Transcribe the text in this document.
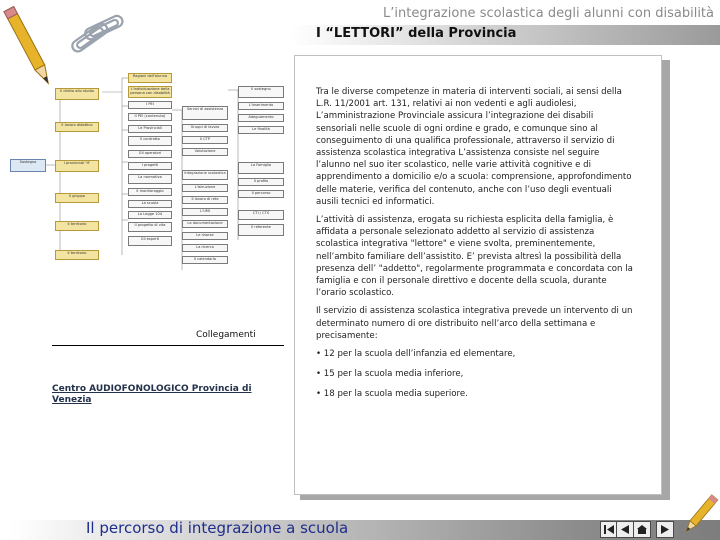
L’integrazione scolastica degli alunni con disabilità
I “LETTORI” della Provincia
Sostegno
Il diritto allo studio
Il lavoro didattico
I provinciali 'H'
Il gruppo
Il territorio
Il territorio
Ragioni dell'alunno
L'individuazione della persona con disabilità
I PEI
Il PEI (contenuto)
Le Provinciali
Il contratto
Gli operatori
I progetti
La normativa
Il monitoraggio
La scuola
La Legge 104
Il progetto di vita
Gli esperti
Servizi di assistenza
Gruppi di lavoro
Il CTP
Valutazione
Integrazione scolastica
L'istruzione
Il lavoro di rete
L'UMI
La documentazione
Le risorse
La ricerca
Il calendario
Il sostegno
L'inserimento
Adeguamento
Le finalità
La Famiglia
Il profilo
Il percorso
CTI / CTS
Il referente
Collegamenti
Centro AUDIOFONOLOGICO Provincia di Venezia

Tra le diverse competenze in materia di interventi sociali, ai sensi della L.R. 11/2001 art. 131, relativi ai non vedenti e agli audiolesi, L’amministrazione Provinciale assicura l’integrazione dei disabili sensoriali nelle scuole di ogni ordine e grado, e comunque sino al conseguimento di una qualifica professionale, attraverso il servizio di assistenza scolastica integrativa L’assistenza consiste nel seguire l’alunno nel suo iter scolastico, nelle varie attività cognitive e di apprendimento a domicilio e/o a scuola: comprensione, approfondimento delle materie, verifica del contenuto, anche con l’uso degli eventuali ausili tecnici ed informatici.

L’attività di assistenza, erogata su richiesta esplicita della famiglia, è affidata a personale selezionato addetto al servizio di assistenza scolastica integrativa "lettore" e viene svolta, preminentemente, nell’ambito familiare dell’assistito. E’ prevista altresì la possibilità della presenza dell’ "addetto", regolarmente programmata e concordata con la famiglia e con il personale direttivo e docente della scuola, durante l’orario scolastico.

Il servizio di assistenza scolastica integrativa prevede un intervento di un determinato numero di ore distribuito nell’arco della settimana e precisamente:

• 12 per la scuola dell’infanzia ed elementare,
• 15 per la scuola media inferiore,
• 18 per la scuola media superiore.
Il percorso di integrazione a scuola
